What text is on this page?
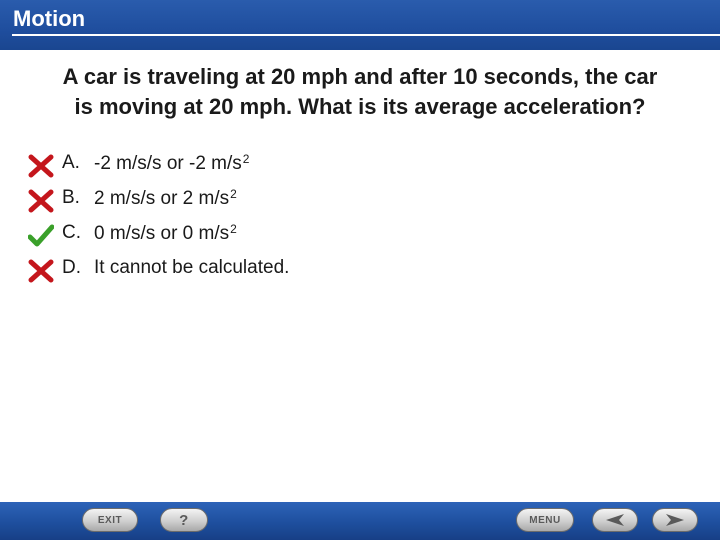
Motion
A car is traveling at 20 mph and after 10 seconds, the car is moving at 20 mph. What is its average acceleration?
A. -2 m/s/s or -2 $m/s^2$
B. 2 m/s/s or 2 $m/s^2$
C. 0 m/s/s or 0 $m/s^2$
D. It cannot be calculated.
EXIT	?	MENU
